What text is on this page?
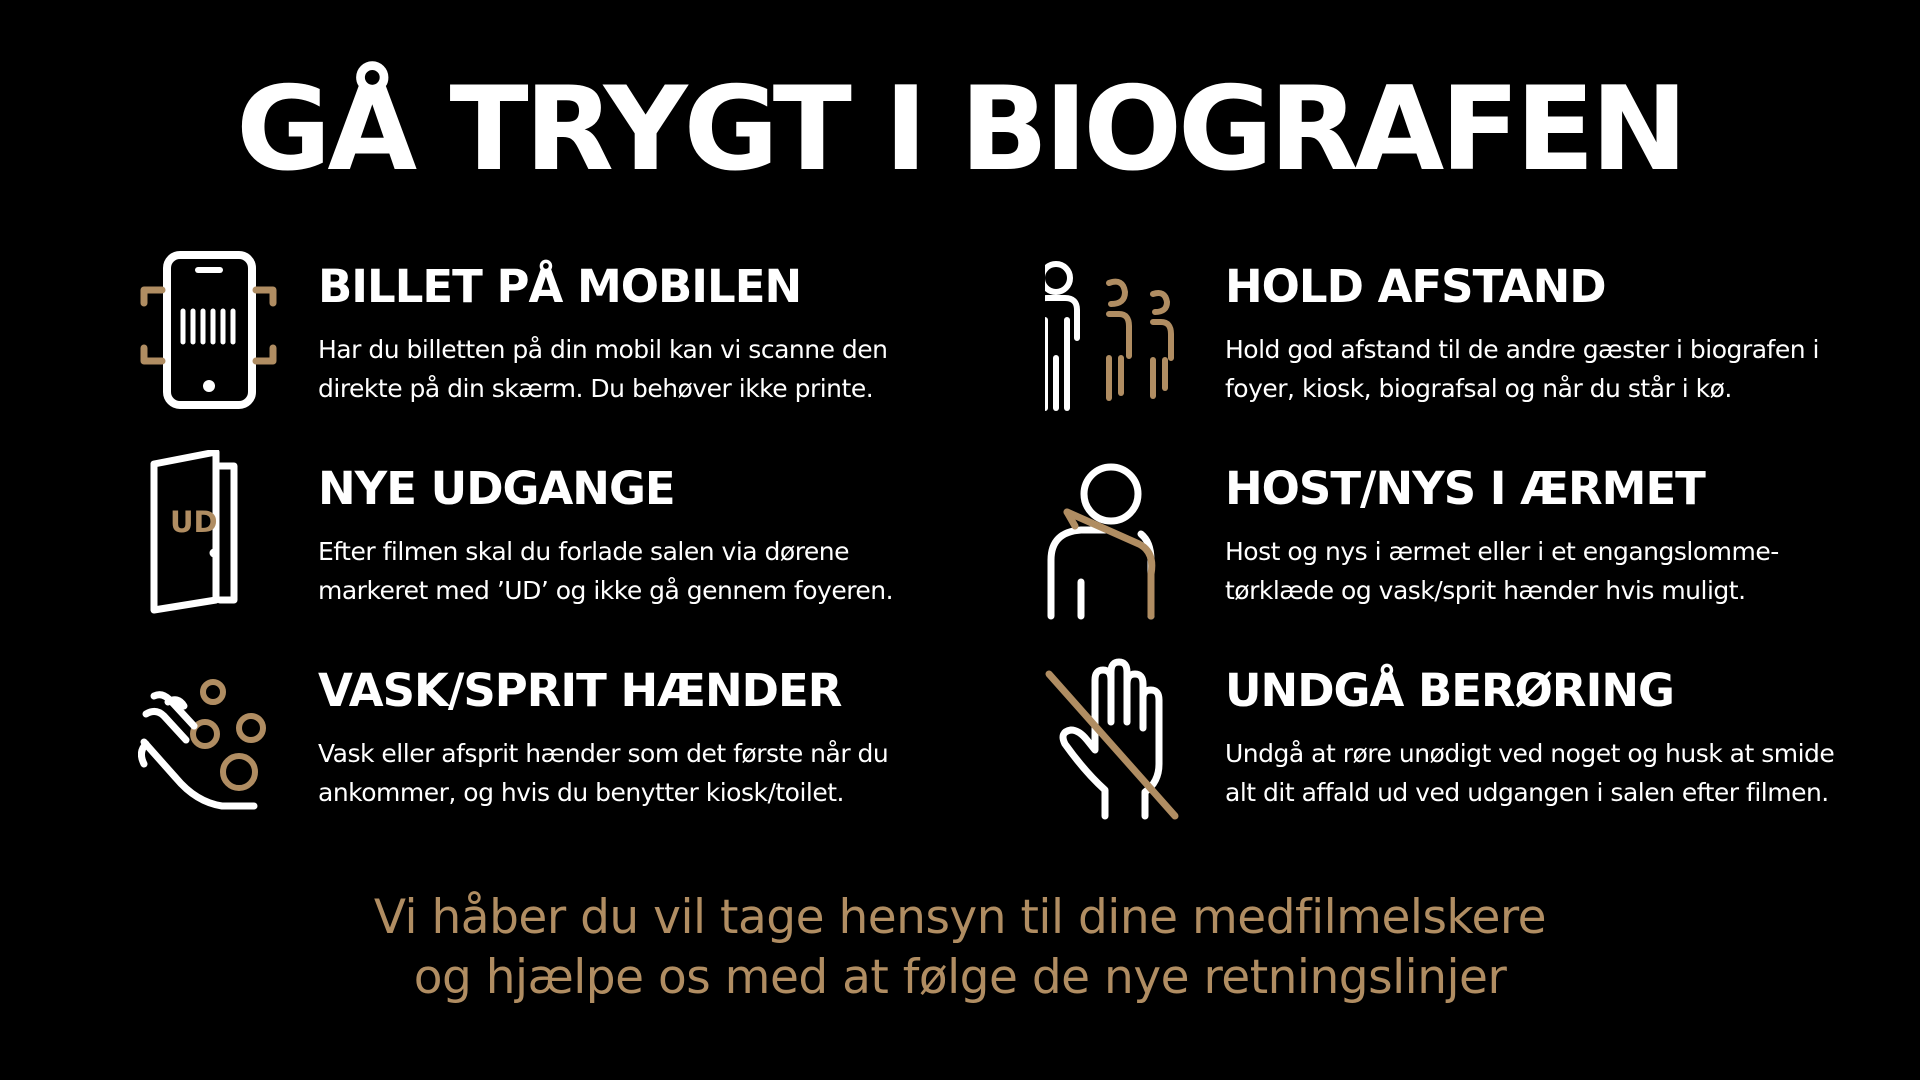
GÅ TRYGT I BIOGRAFEN
BILLET PÅ MOBILEN
Har du billetten på din mobil kan vi scanne den
direkte på din skærm. Du behøver ikke printe.
HOLD AFSTAND
Hold god afstand til de andre gæster i biografen i
foyer, kiosk, biografsal og når du står i kø.
UD
NYE UDGANGE
Efter filmen skal du forlade salen via dørene
markeret med ’UD’ og ikke gå gennem foyeren.
HOST/NYS I ÆRMET
Host og nys i ærmet eller i et engangslomme-
tørklæde og vask/sprit hænder hvis muligt.
VASK/SPRIT HÆNDER
Vask eller afsprit hænder som det første når du
ankommer, og hvis du benytter kiosk/toilet.
UNDGÅ BERØRING
Undgå at røre unødigt ved noget og husk at smide
alt dit affald ud ved udgangen i salen efter filmen.
Vi håber du vil tage hensyn til dine medfilmelskere
og hjælpe os med at følge de nye retningslinjer
